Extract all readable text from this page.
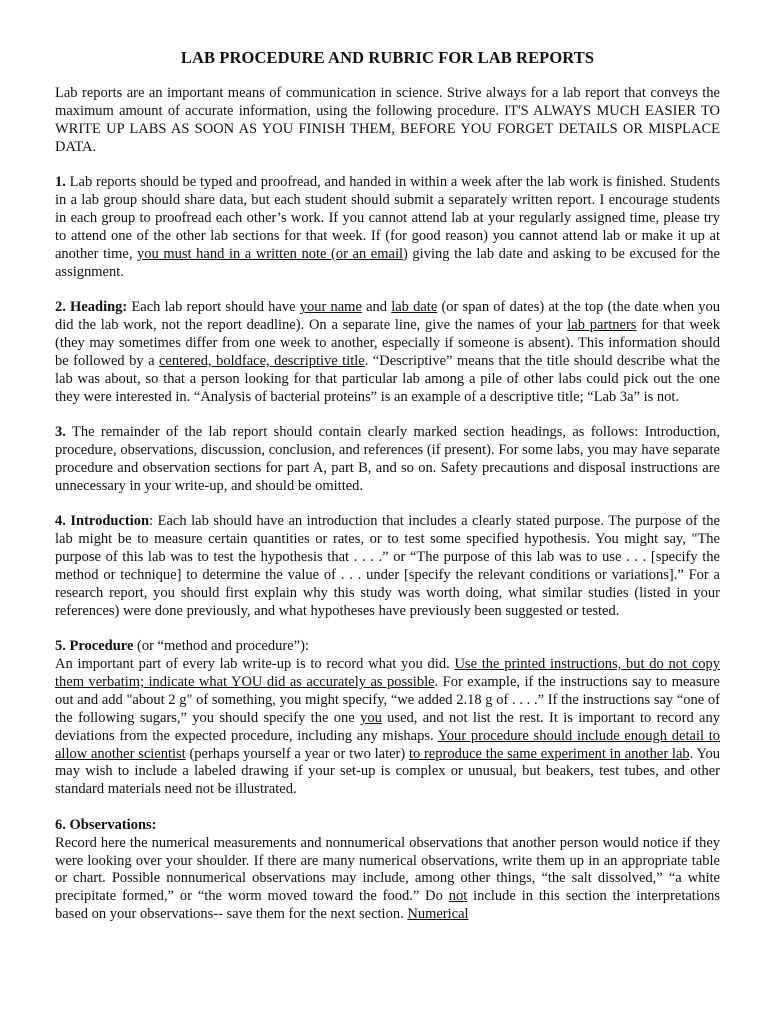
LAB PROCEDURE AND RUBRIC FOR LAB REPORTS

Lab reports are an important means of communication in science. Strive always for a lab report that conveys the maximum amount of accurate information, using the following procedure. IT'S ALWAYS MUCH EASIER TO WRITE UP LABS AS SOON AS YOU FINISH THEM, BEFORE YOU FORGET DETAILS OR MISPLACE DATA.

1. Lab reports should be typed and proofread, and handed in within a week after the lab work is finished. Students in a lab group should share data, but each student should submit a separately written report. I encourage students in each group to proofread each other’s work. If you cannot attend lab at your regularly assigned time, please try to attend one of the other lab sections for that week. If (for good reason) you cannot attend lab or make it up at another time, you must hand in a written note (or an email) giving the lab date and asking to be excused for the assignment.

2. Heading: Each lab report should have your name and lab date (or span of dates) at the top (the date when you did the lab work, not the report deadline). On a separate line, give the names of your lab partners for that week (they may sometimes differ from one week to another, especially if someone is absent). This information should be followed by a centered, boldface, descriptive title. “Descriptive” means that the title should describe what the lab was about, so that a person looking for that particular lab among a pile of other labs could pick out the one they were interested in. “Analysis of bacterial proteins” is an example of a descriptive title; “Lab 3a” is not.

3. The remainder of the lab report should contain clearly marked section headings, as follows: Introduction, procedure, observations, discussion, conclusion, and references (if present). For some labs, you may have separate procedure and observation sections for part A, part B, and so on. Safety precautions and disposal instructions are unnecessary in your write-up, and should be omitted.

4. Introduction: Each lab should have an introduction that includes a clearly stated purpose. The purpose of the lab might be to measure certain quantities or rates, or to test some specified hypothesis. You might say, "The purpose of this lab was to test the hypothesis that . . . .” or “The purpose of this lab was to use . . . [specify the method or technique] to determine the value of . . . under [specify the relevant conditions or variations].” For a research report, you should first explain why this study was worth doing, what similar studies (listed in your references) were done previously, and what hypotheses have previously been suggested or tested.

5. Procedure (or “method and procedure”):
An important part of every lab write-up is to record what you did. Use the printed instructions, but do not copy them verbatim; indicate what YOU did as accurately as possible. For example, if the instructions say to measure out and add "about 2 g" of something, you might specify, “we added 2.18 g of . . . .” If the instructions say “one of the following sugars,” you should specify the one you used, and not list the rest. It is important to record any deviations from the expected procedure, including any mishaps. Your procedure should include enough detail to allow another scientist (perhaps yourself a year or two later) to reproduce the same experiment in another lab. You may wish to include a labeled drawing if your set-up is complex or unusual, but beakers, test tubes, and other standard materials need not be illustrated.

6. Observations:
Record here the numerical measurements and nonnumerical observations that another person would notice if they were looking over your shoulder. If there are many numerical observations, write them up in an appropriate table or chart. Possible nonnumerical observations may include, among other things, “the salt dissolved,” “a white precipitate formed,” or “the worm moved toward the food.” Do not include in this section the interpretations based on your observations-- save them for the next section. Numerical
